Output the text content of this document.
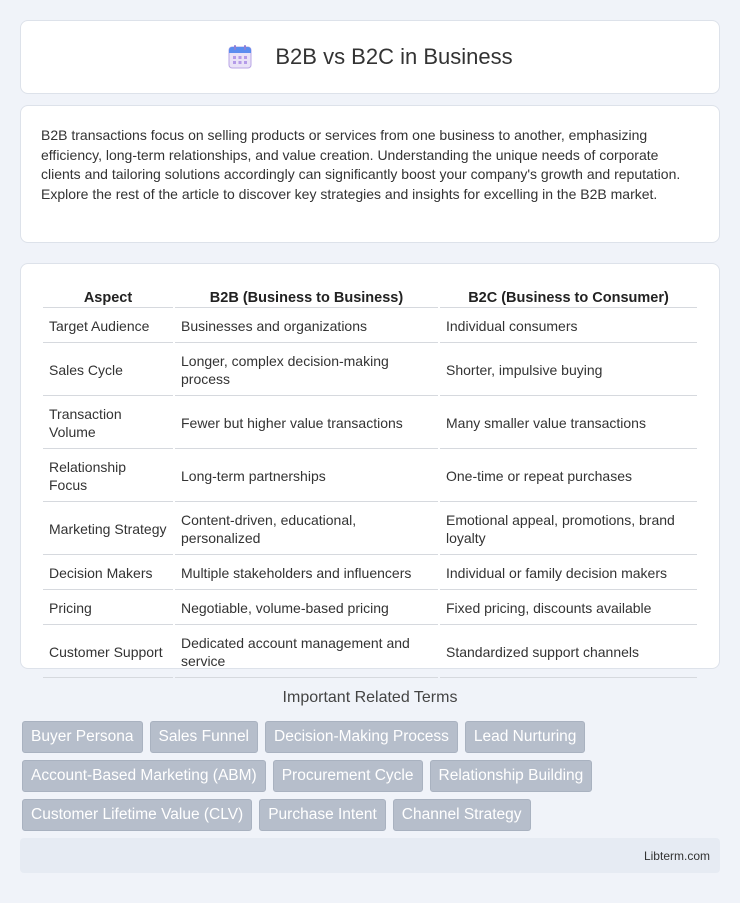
B2B vs B2C in Business

B2B transactions focus on selling products or services from one business to another, emphasizing efficiency, long-term relationships, and value creation. Understanding the unique needs of corporate clients and tailoring solutions accordingly can significantly boost your company's growth and reputation. Explore the rest of the article to discover key strategies and insights for excelling in the B2B market.

Aspect	B2B (Business to Business)	B2C (Business to Consumer)
Target Audience	Businesses and organizations	Individual consumers
Sales Cycle	Longer, complex decision-making process	Shorter, impulsive buying
Transaction Volume	Fewer but higher value transactions	Many smaller value transactions
Relationship Focus	Long-term partnerships	One-time or repeat purchases
Marketing Strategy	Content-driven, educational, personalized	Emotional appeal, promotions, brand loyalty
Decision Makers	Multiple stakeholders and influencers	Individual or family decision makers
Pricing	Negotiable, volume-based pricing	Fixed pricing, discounts available
Customer Support	Dedicated account management and service	Standardized support channels
Important Related Terms
Buyer Persona	Sales Funnel	Decision-Making Process	Lead Nurturing
Account-Based Marketing (ABM)	Procurement Cycle	Relationship Building
Customer Lifetime Value (CLV)	Purchase Intent	Channel Strategy
Libterm.com
